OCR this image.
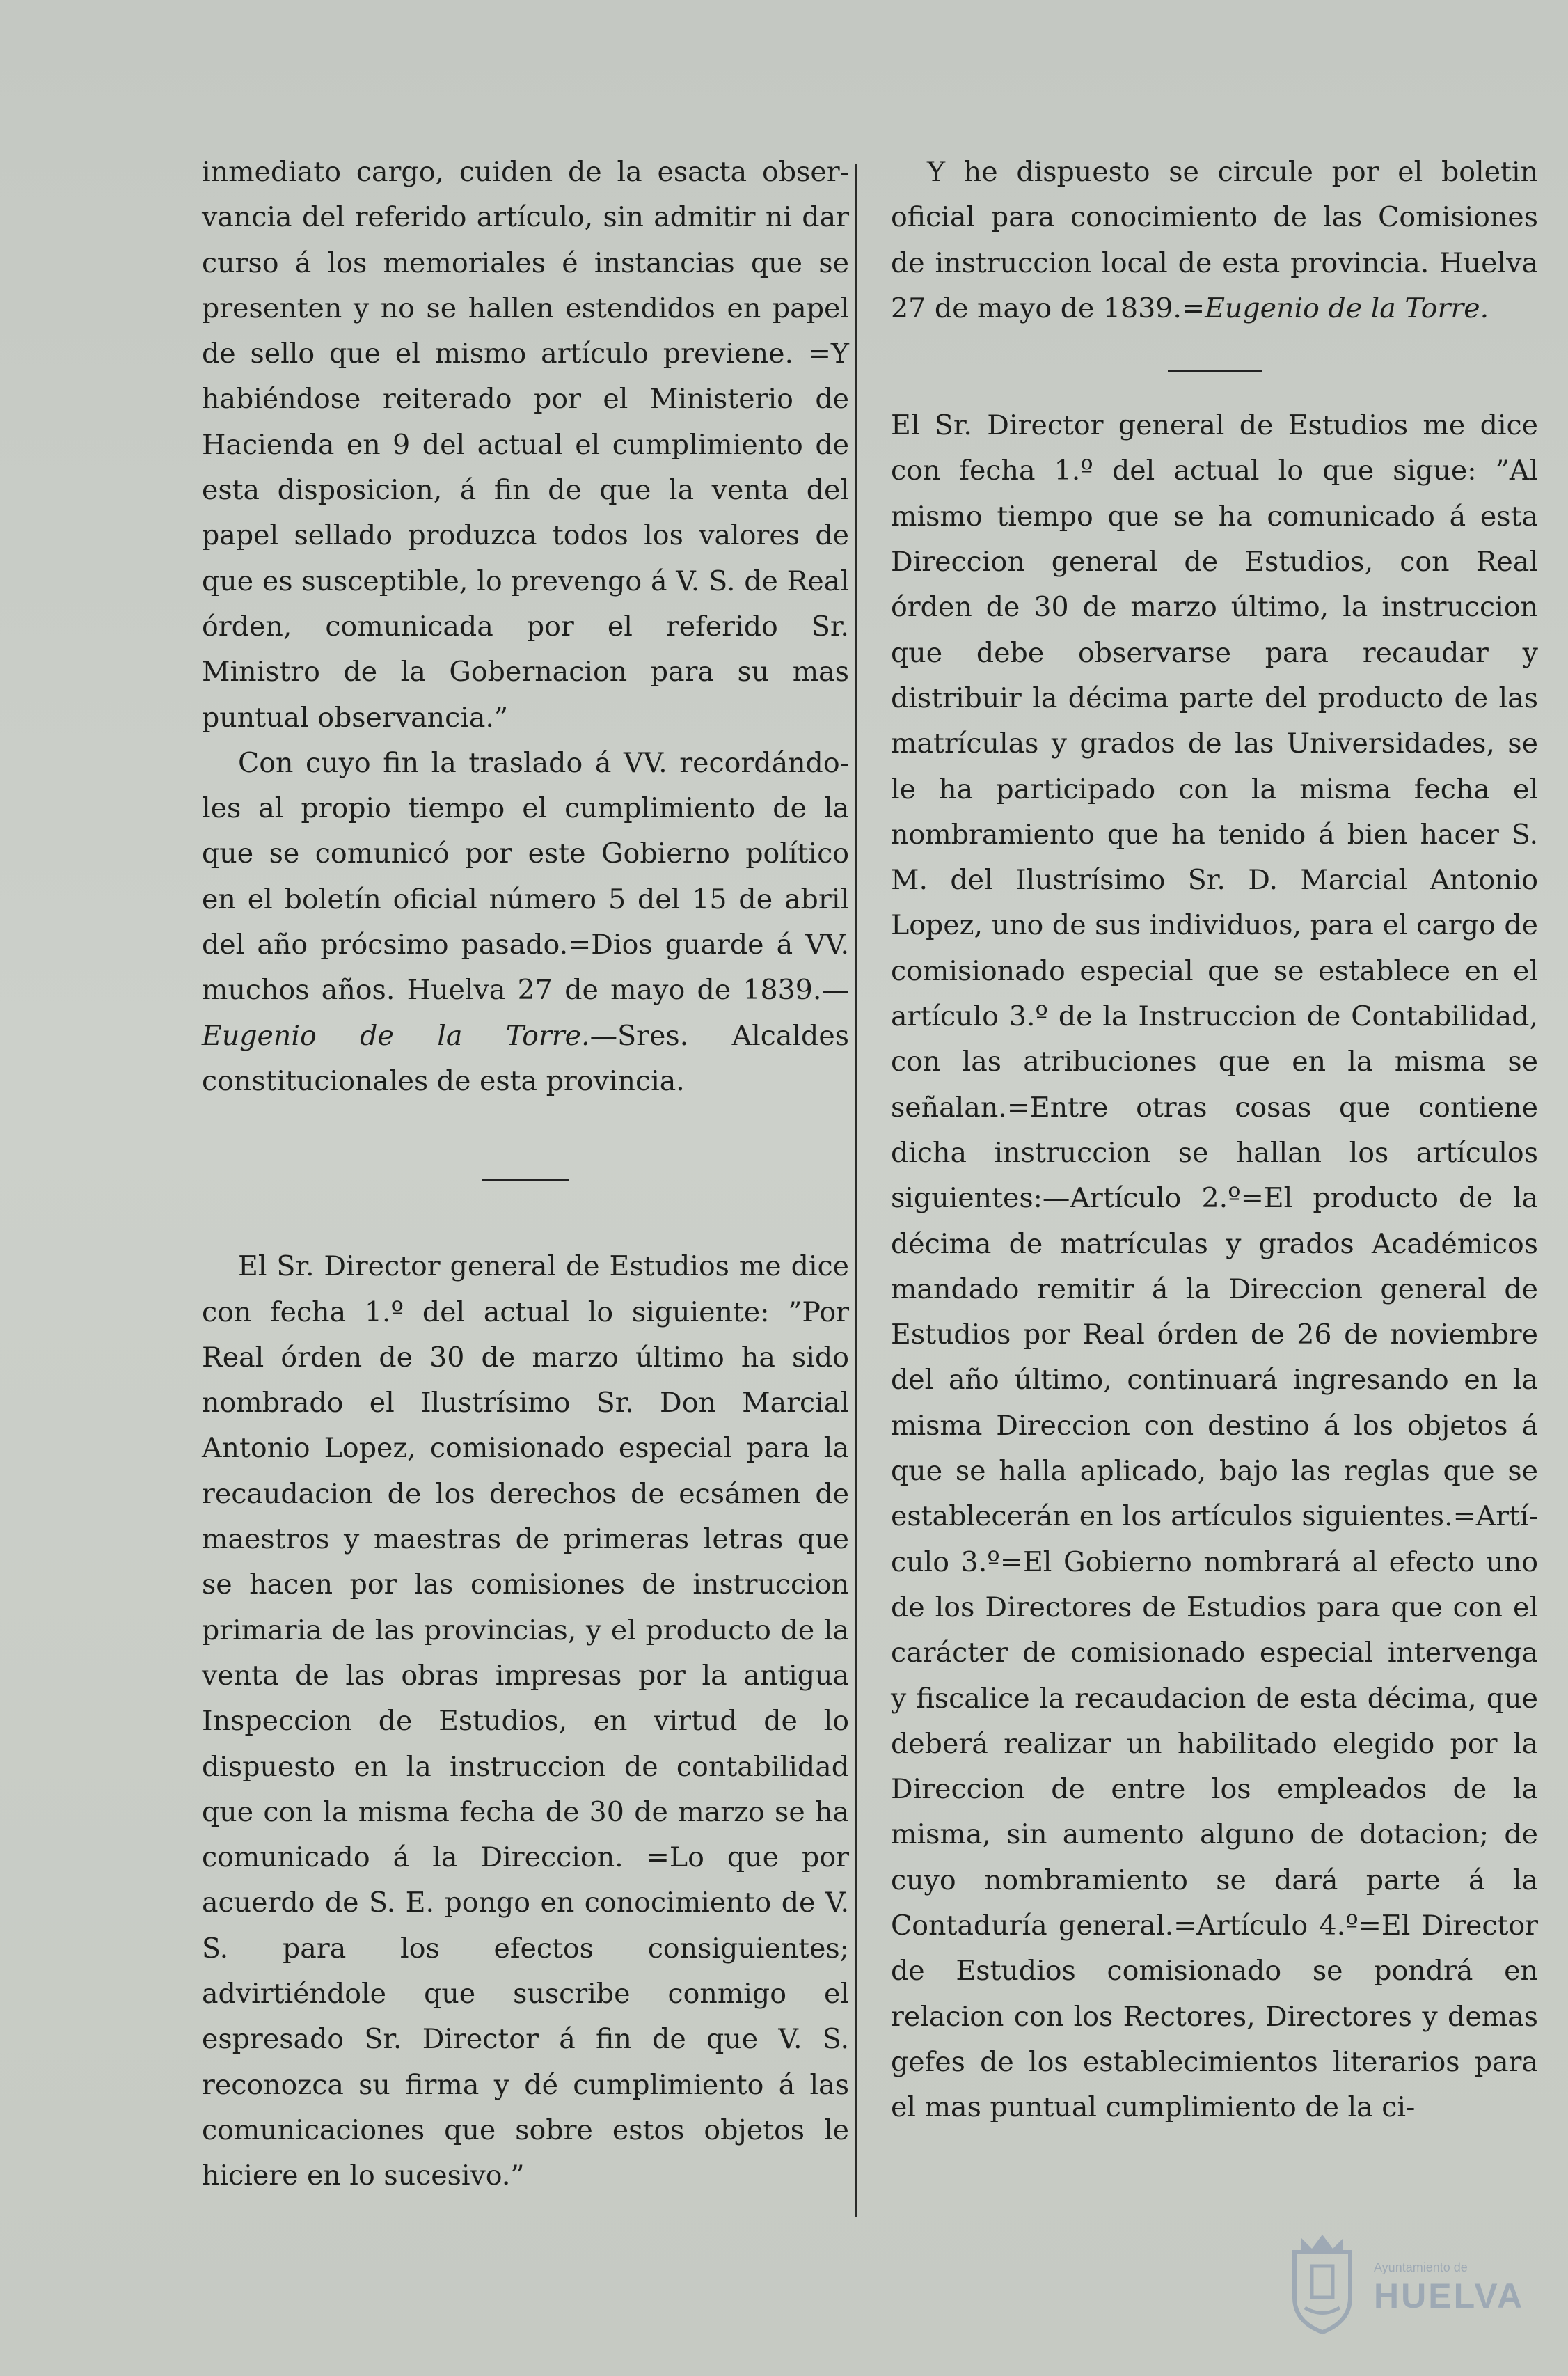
inmediato cargo, cuiden de la esacta observancia del referido artículo, sin admitir ni dar curso á los memoriales é instancias que se presenten y no se hallen estendidos en papel de sello que el mismo artículo previene. =Y habiéndose reiterado por el Ministerio de Hacienda en 9 del actual el cumplimiento de esta disposicion, á fin de que la venta del papel sellado produzca todos los valores de que es susceptible, lo prevengo á V. S. de Real órden, comunicada por el referido Sr. Ministro de la Gobernacion para su mas puntual observancia.”

Con cuyo fin la traslado á VV. recordándoles al propio tiempo el cumplimiento de la que se comunicó por este Gobierno político en el boletín oficial número 5 del 15 de abril del año prócsimo pasado.=Dios guarde á VV. muchos años. Huelva 27 de mayo de 1839.—Eugenio de la Torre.—Sres. Alcaldes constitucionales de esta provincia.

El Sr. Director general de Estudios me dice con fecha 1.º del actual lo siguiente: ”Por Real órden de 30 de marzo último ha sido nombrado el Ilustrísimo Sr. Don Marcial Antonio Lopez, comisionado especial para la recaudacion de los derechos de ecsámen de maestros y maestras de primeras letras que se hacen por las comisiones de instruccion primaria de las provincias, y el producto de la venta de las obras impresas por la antigua Inspeccion de Estudios, en virtud de lo dispuesto en la instruccion de contabilidad que con la misma fecha de 30 de marzo se ha comunicado á la Direccion. =Lo que por acuerdo de S. E. pongo en conocimiento de V. S. para los efectos consiguientes; advirtiéndole que suscribe conmigo el espresado Sr. Director á fin de que V. S. reconozca su firma y dé cumplimiento á las comunicaciones que sobre estos objetos le hiciere en lo sucesivo.”

Y he dispuesto se circule por el boletin oficial para conocimiento de las Comisiones de instruccion local de esta provincia. Huelva 27 de mayo de 1839.=Eugenio de la Torre.

El Sr. Director general de Estudios me dice con fecha 1.º del actual lo que sigue: ”Al mismo tiempo que se ha comunicado á esta Direccion general de Estudios, con Real órden de 30 de marzo último, la instruccion que debe observarse para recaudar y distribuir la décima parte del producto de las matrículas y grados de las Universidades, se le ha participado con la misma fecha el nombramiento que ha tenido á bien hacer S. M. del Ilustrísimo Sr. D. Marcial Antonio Lopez, uno de sus individuos, para el cargo de comisionado especial que se establece en el artículo 3.º de la Instruccion de Contabilidad, con las atribuciones que en la misma se señalan.=Entre otras cosas que contiene dicha instruccion se hallan los artículos siguientes:—Artículo 2.º=El producto de la décima de matrículas y grados Académicos mandado remitir á la Direccion general de Estudios por Real órden de 26 de noviembre del año último, continuará ingresando en la misma Direccion con destino á los objetos á que se halla aplicado, bajo las reglas que se establecerán en los artículos siguientes.=Artículo 3.º=El Gobierno nombrará al efecto uno de los Directores de Estudios para que con el carácter de comisionado especial intervenga y fiscalice la recaudacion de esta décima, que deberá realizar un habilitado elegido por la Direccion de entre los empleados de la misma, sin aumento alguno de dotacion; de cuyo nombramiento se dará parte á la Contaduría general.=Artículo 4.º=El Director de Estudios comisionado se pondrá en relacion con los Rectores, Directores y demas gefes de los establecimientos literarios para el mas puntual cumplimiento de la ci-

Ayuntamiento de
HUELVA
